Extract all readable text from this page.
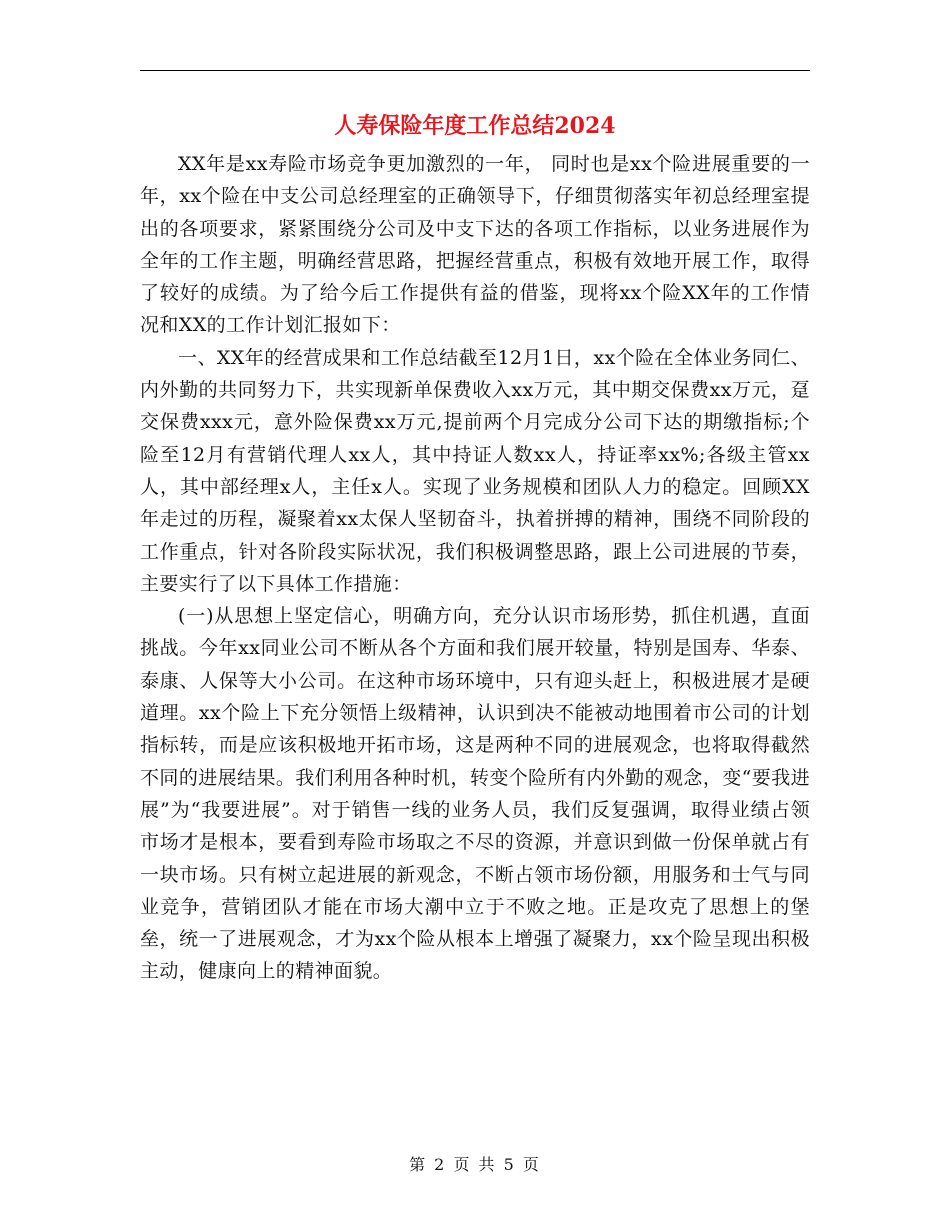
人寿保险年度工作总结2024

XX年是xx寿险市场竞争更加激烈的一年， 同时也是xx个险进展重要的一年，xx个险在中支公司总经理室的正确领导下，仔细贯彻落实年初总经理室提出的各项要求，紧紧围绕分公司及中支下达的各项工作指标，以业务进展作为全年的工作主题，明确经营思路，把握经营重点，积极有效地开展工作，取得了较好的成绩。为了给今后工作提供有益的借鉴，现将xx个险XX年的工作情况和XX的工作计划汇报如下：

一、XX年的经营成果和工作总结截至12月1日，xx个险在全体业务同仁、内外勤的共同努力下，共实现新单保费收入xx万元，其中期交保费xx万元，趸交保费xxx元，意外险保费xx万元,提前两个月完成分公司下达的期缴指标;个险至12月有营销代理人xx人，其中持证人数xx人，持证率xx%;各级主管xx人，其中部经理x人，主任x人。实现了业务规模和团队人力的稳定。回顾XX年走过的历程，凝聚着xx太保人坚韧奋斗，执着拼搏的精神，围绕不同阶段的工作重点，针对各阶段实际状况，我们积极调整思路，跟上公司进展的节奏，主要实行了以下具体工作措施：

(一)从思想上坚定信心，明确方向，充分认识市场形势，抓住机遇，直面挑战。今年xx同业公司不断从各个方面和我们展开较量，特别是国寿、华泰、泰康、人保等大小公司。在这种市场环境中，只有迎头赶上，积极进展才是硬道理。xx个险上下充分领悟上级精神，认识到决不能被动地围着市公司的计划指标转，而是应该积极地开拓市场，这是两种不同的进展观念，也将取得截然不同的进展结果。我们利用各种时机，转变个险所有内外勤的观念，变“要我进展”为“我要进展”。对于销售一线的业务人员，我们反复强调，取得业绩占领市场才是根本，要看到寿险市场取之不尽的资源，并意识到做一份保单就占有一块市场。只有树立起进展的新观念，不断占领市场份额，用服务和士气与同业竞争，营销团队才能在市场大潮中立于不败之地。正是攻克了思想上的堡垒，统一了进展观念，才为xx个险从根本上增强了凝聚力，xx个险呈现出积极主动，健康向上的精神面貌。

第 2 页 共 5 页
